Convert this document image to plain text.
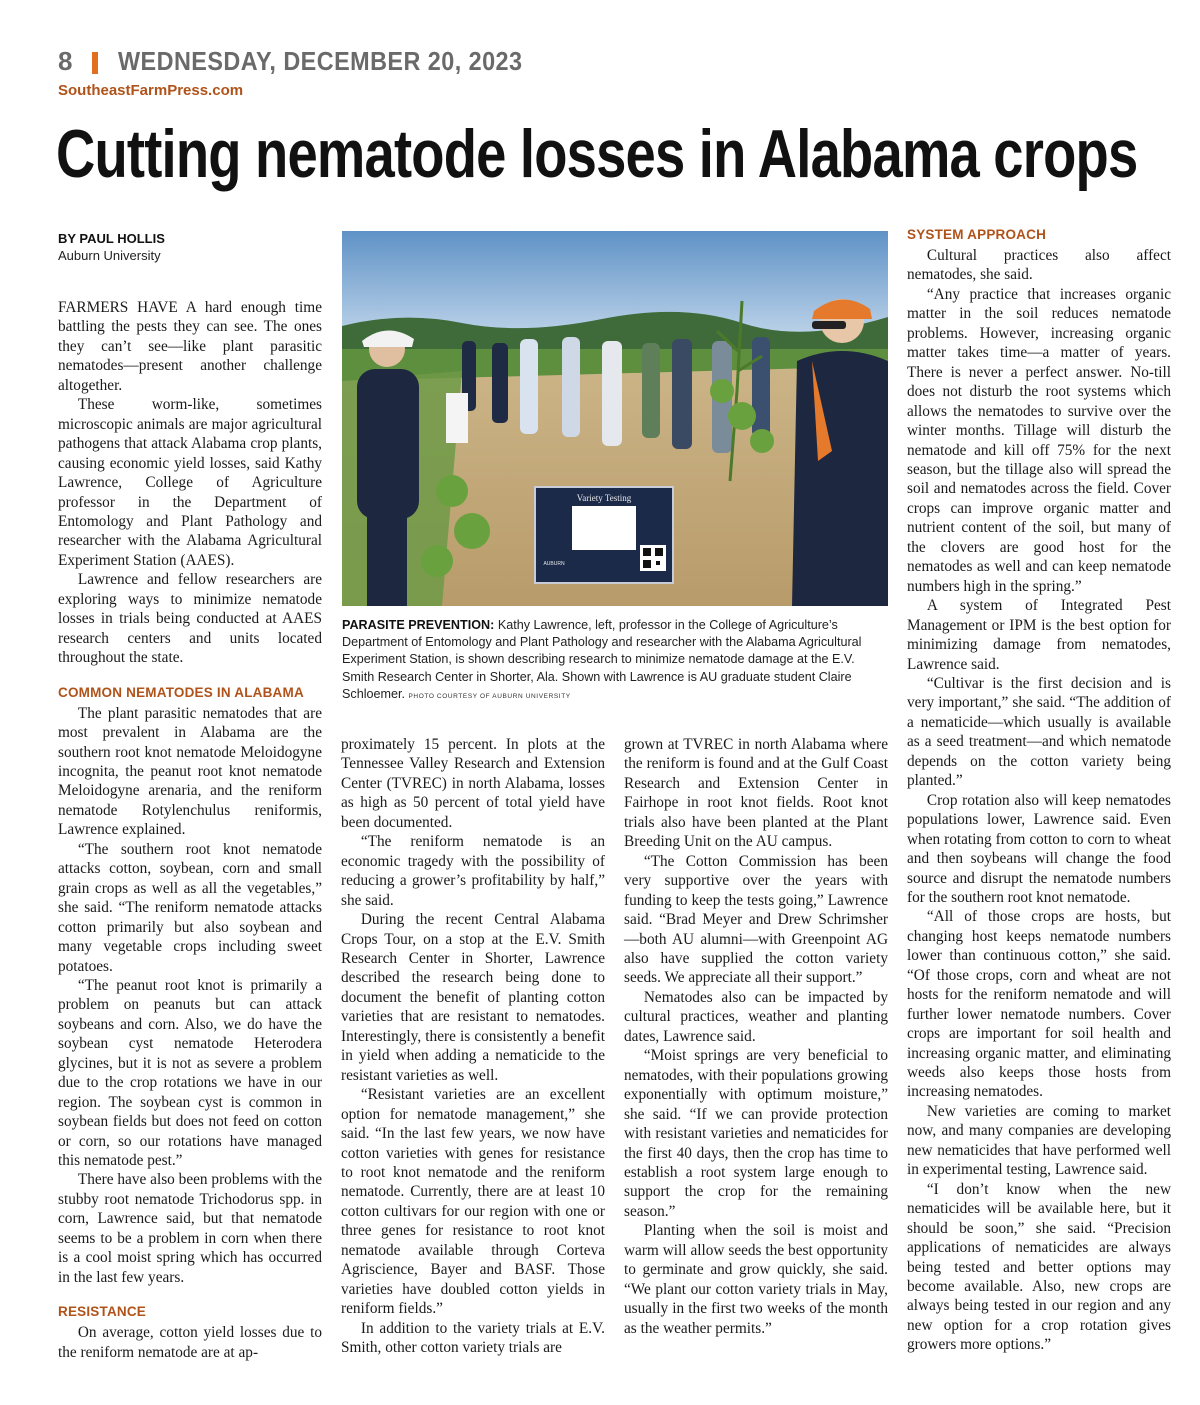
8 WEDNESDAY, DECEMBER 20, 2023
SoutheastFarmPress.com
Cutting nematode losses in Alabama crops
BY PAUL HOLLIS
Auburn University

FARMERS HAVE A hard enough time battling the pests they can see. The ones they can’t see—like plant parasitic nematodes—present another challenge altogether.

These worm-like, sometimes microscopic animals are major agricultural pathogens that attack Alabama crop plants, causing economic yield losses, said Kathy Lawrence, College of Agriculture professor in the Department of Entomology and Plant Pathology and researcher with the Alabama Agricultural Experiment Station (AAES).

Lawrence and fellow researchers are exploring ways to minimize nematode losses in trials being conducted at AAES research centers and units located throughout the state.

COMMON NEMATODES IN ALABAMA

The plant parasitic nematodes that are most prevalent in Alabama are the southern root knot nematode Meloidogyne incognita, the peanut root knot nematode Meloidogyne arenaria, and the reniform nematode Rotylenchulus reniformis, Lawrence explained.

“The southern root knot nematode attacks cotton, soybean, corn and small grain crops as well as all the vegetables,” she said. “The reniform nematode attacks cotton primarily but also soybean and many vegetable crops including sweet potatoes.

“The peanut root knot is primarily a problem on peanuts but can attack soybeans and corn. Also, we do have the soybean cyst nematode Heterodera glycines, but it is not as severe a problem due to the crop rotations we have in our region. The soybean cyst is common in soybean fields but does not feed on cotton or corn, so our rotations have managed this nematode pest.”

There have also been problems with the stubby root nematode Trichodorus spp. in corn, Lawrence said, but that nematode seems to be a problem in corn when there is a cool moist spring which has occurred in the last few years.

RESISTANCE

On average, cotton yield losses due to the reniform nematode are at ap-

Variety Testing
AUBURN
PARASITE PREVENTION: Kathy Lawrence, left, professor in the College of Agriculture’s Department of Entomology and Plant Pathology and researcher with the Alabama Agricultural Experiment Station, is shown describing research to minimize nematode damage at the E.V. Smith Research Center in Shorter, Ala. Shown with Lawrence is AU graduate student Claire Schloemer. PHOTO COURTESY OF AUBURN UNIVERSITY

proximately 15 percent. In plots at the Tennessee Valley Research and Extension Center (TVREC) in north Alabama, losses as high as 50 percent of total yield have been documented.

“The reniform nematode is an economic tragedy with the possibility of reducing a grower’s profitability by half,” she said.

During the recent Central Alabama Crops Tour, on a stop at the E.V. Smith Research Center in Shorter, Lawrence described the research being done to document the benefit of planting cotton varieties that are resistant to nematodes. Interestingly, there is consistently a benefit in yield when adding a nematicide to the resistant varieties as well.

“Resistant varieties are an excellent option for nematode management,” she said. “In the last few years, we now have cotton varieties with genes for resistance to root knot nematode and the reniform nematode. Currently, there are at least 10 cotton cultivars for our region with one or three genes for resistance to root knot nematode available through Corteva Agriscience, Bayer and BASF. Those varieties have doubled cotton yields in reniform fields.”

In addition to the variety trials at E.V. Smith, other cotton variety trials are

grown at TVREC in north Alabama where the reniform is found and at the Gulf Coast Research and Extension Center in Fairhope in root knot fields. Root knot trials also have been planted at the Plant Breeding Unit on the AU campus.

“The Cotton Commission has been very supportive over the years with funding to keep the tests going,” Lawrence said. “Brad Meyer and Drew Schrimsher—both AU alumni—with Greenpoint AG also have supplied the cotton variety seeds. We appreciate all their support.”

Nematodes also can be impacted by cultural practices, weather and planting dates, Lawrence said.

“Moist springs are very beneficial to nematodes, with their populations growing exponentially with optimum moisture,” she said. “If we can provide protection with resistant varieties and nematicides for the first 40 days, then the crop has time to establish a root system large enough to support the crop for the remaining season.”

Planting when the soil is moist and warm will allow seeds the best opportunity to germinate and grow quickly, she said. “We plant our cotton variety trials in May, usually in the first two weeks of the month as the weather permits.”

SYSTEM APPROACH

Cultural practices also affect nematodes, she said.

“Any practice that increases organic matter in the soil reduces nematode problems. However, increasing organic matter takes time—a matter of years. There is never a perfect answer. No-till does not disturb the root systems which allows the nematodes to survive over the winter months. Tillage will disturb the nematode and kill off 75% for the next season, but the tillage also will spread the soil and nematodes across the field. Cover crops can improve organic matter and nutrient content of the soil, but many of the clovers are good host for the nematodes as well and can keep nematode numbers high in the spring.”

A system of Integrated Pest Management or IPM is the best option for minimizing damage from nematodes, Lawrence said.

“Cultivar is the first decision and is very important,” she said. “The addition of a nematicide—which usually is available as a seed treatment—and which nematode depends on the cotton variety being planted.”

Crop rotation also will keep nematodes populations lower, Lawrence said. Even when rotating from cotton to corn to wheat and then soybeans will change the food source and disrupt the nematode numbers for the southern root knot nematode.

“All of those crops are hosts, but changing host keeps nematode numbers lower than continuous cotton,” she said. “Of those crops, corn and wheat are not hosts for the reniform nematode and will further lower nematode numbers. Cover crops are important for soil health and increasing organic matter, and eliminating weeds also keeps those hosts from increasing nematodes.

New varieties are coming to market now, and many companies are developing new nematicides that have performed well in experimental testing, Lawrence said.

“I don’t know when the new nematicides will be available here, but it should be soon,” she said. “Precision applications of nematicides are always being tested and better options may become available. Also, new crops are always being tested in our region and any new option for a crop rotation gives growers more options.”
